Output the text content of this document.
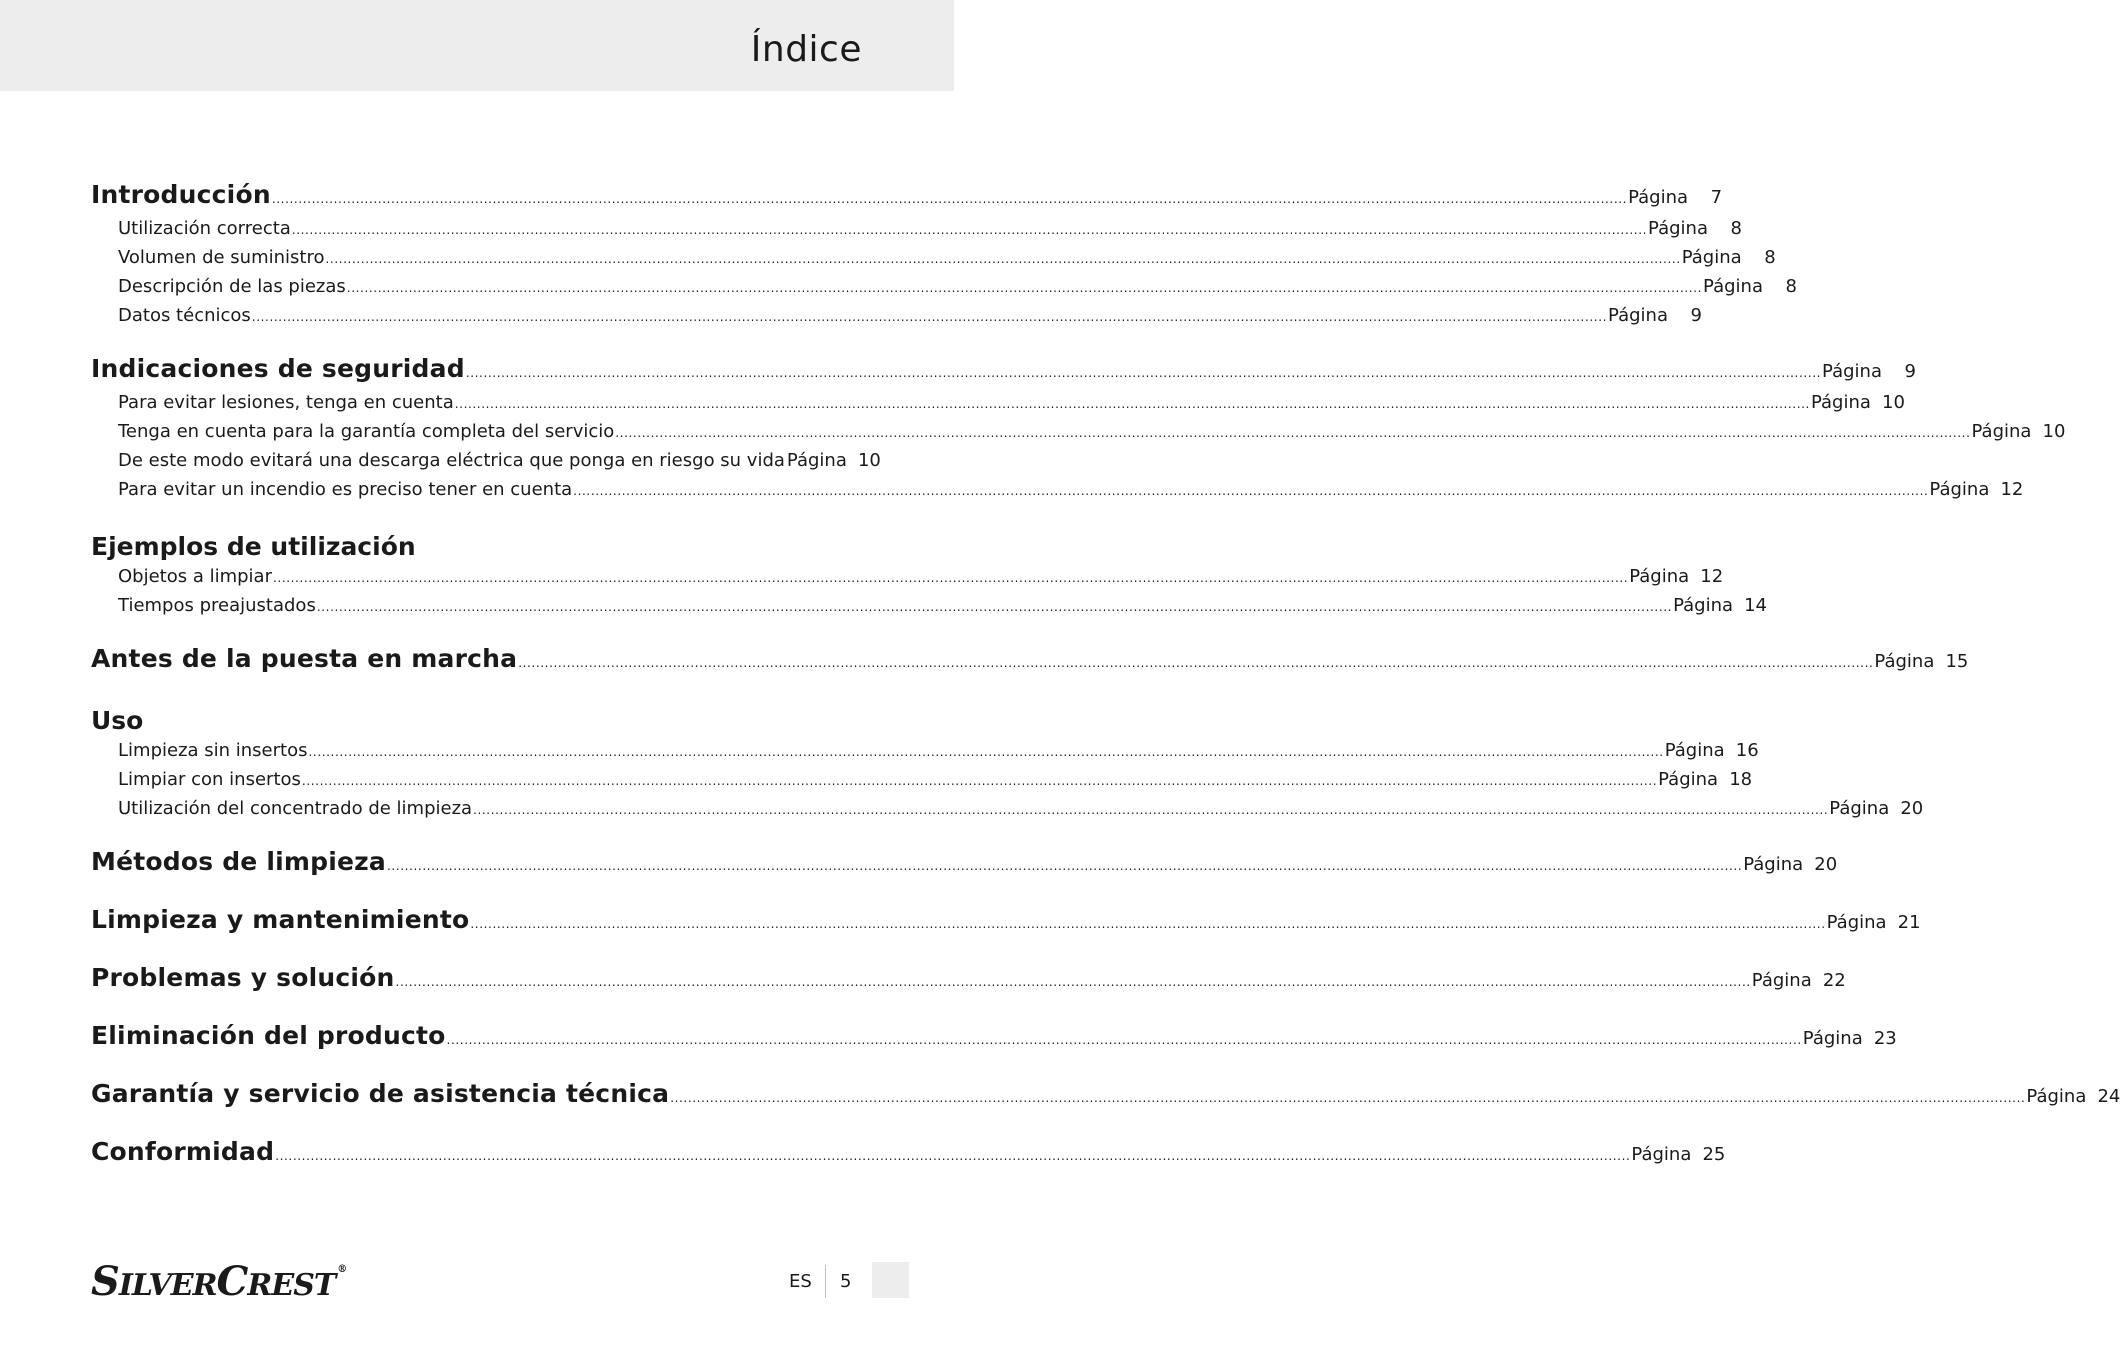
Índice
Introducción .....	Página	7
Utilización correcta .....	Página	8
Volumen de suministro .....	Página	8
Descripción de las piezas .....	Página	8
Datos técnicos .....	Página	9
Indicaciones de seguridad .....	Página	9
Para evitar lesiones, tenga en cuenta .....	Página 10
Tenga en cuenta para la garantía completa del servicio .....	Página 10
De este modo evitará una descarga eléctrica que ponga en riesgo su vida Página 10
Para evitar un incendio es preciso tener en cuenta .....	Página 12
Ejemplos de utilización
Objetos a limpiar .....	Página 12
Tiempos preajustados .....	Página 14
Antes de la puesta en marcha .....	Página 15
Uso
Limpieza sin insertos .....	Página 16
Limpiar con insertos .....	Página 18
Utilización del concentrado de limpieza .....	Página 20
Métodos de limpieza .....	Página 20
Limpieza y mantenimiento .....	Página 21
Problemas y solución .....	Página 22
Eliminación del producto .....	Página 23
Garantía y servicio de asistencia técnica .....	Página 24
Conformidad .....	Página 25
SILVERCREST ®
ES 5
